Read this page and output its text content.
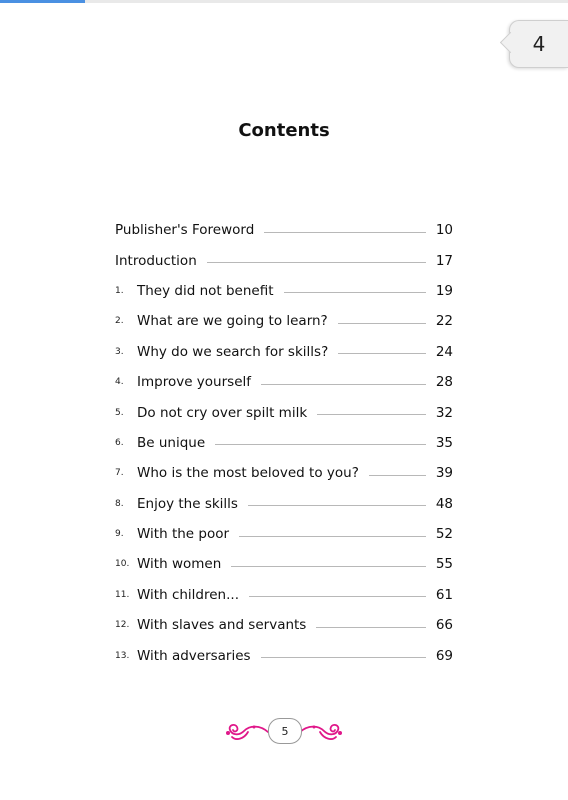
4
Contents
Publisher's Foreword	10
Introduction	17
1. They did not benefit	19
2. What are we going to learn?	22
3. Why do we search for skills?	24
4. Improve yourself	28
5. Do not cry over spilt milk	32
6. Be unique	35
7. Who is the most beloved to you?	39
8. Enjoy the skills	48
9. With the poor	52
10. With women	55
11. With children...	61
12. With slaves and servants	66
13. With adversaries	69
5
